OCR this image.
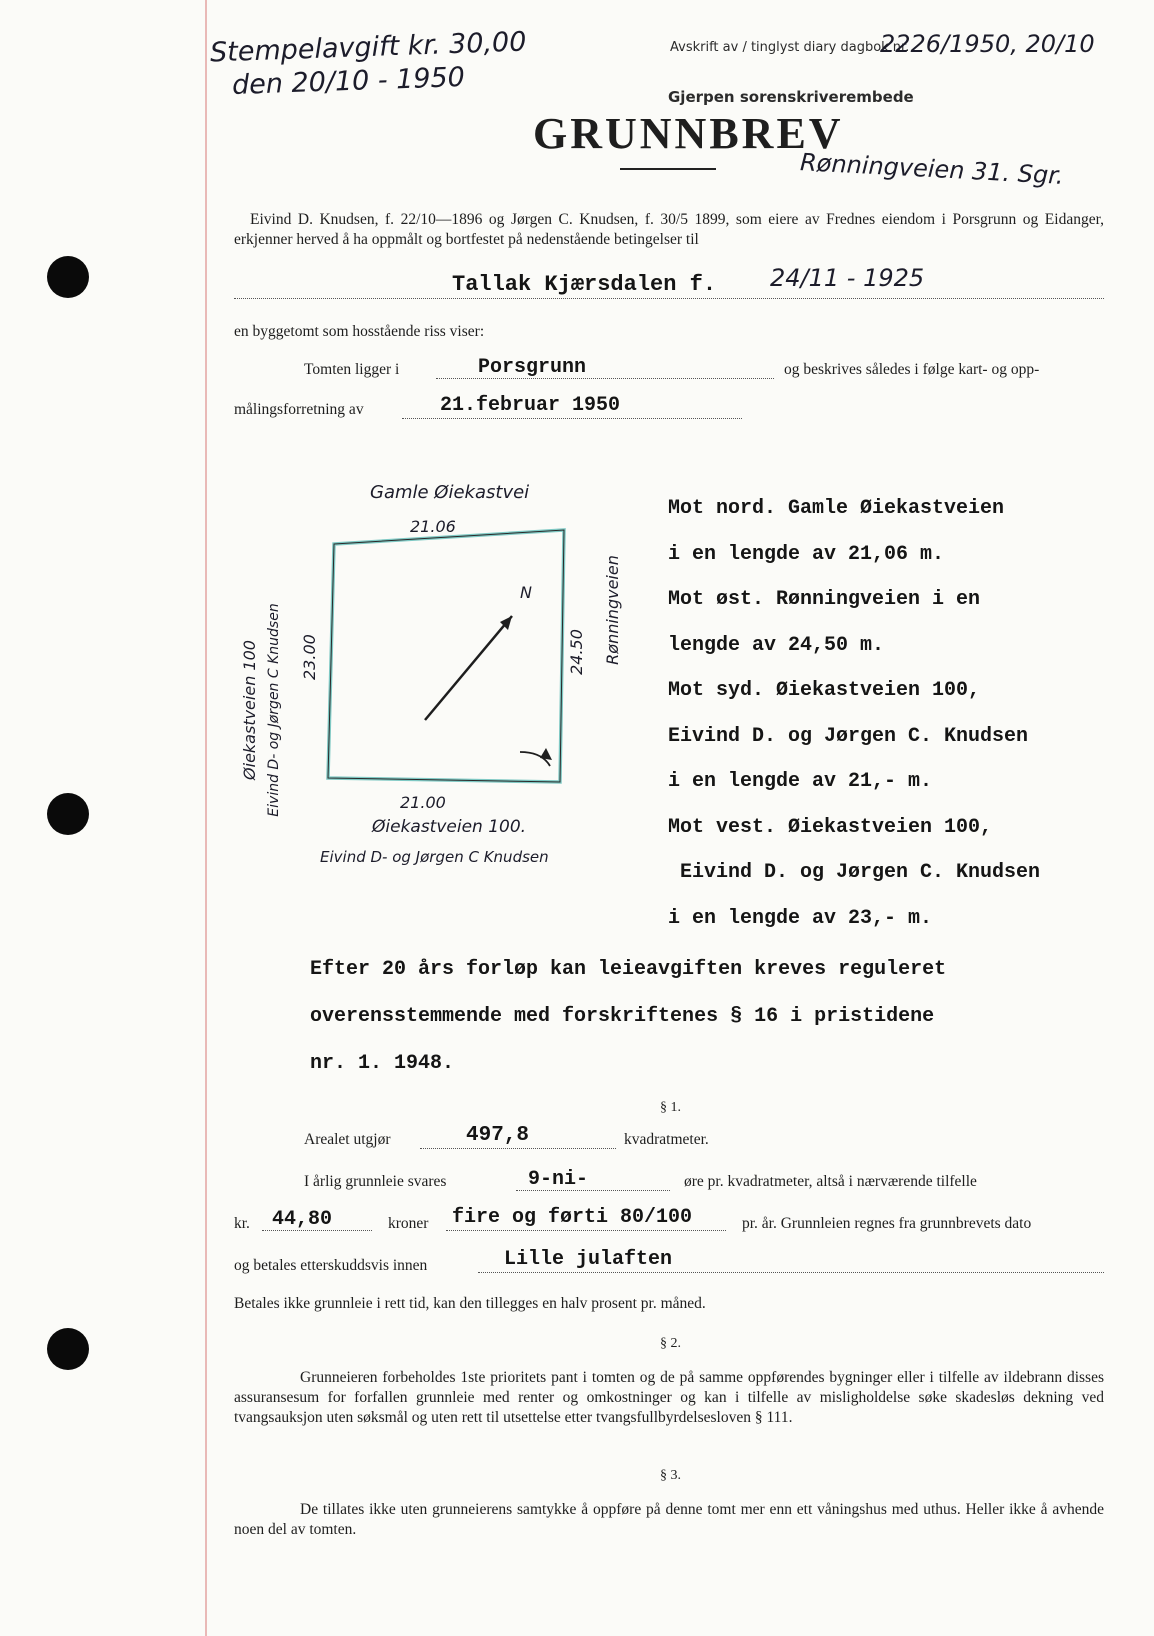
Stempelavgift kr. 30,00
den 20/10 - 1950
Avskrift av / tinglyst diary dagbok nr.
2226/1950, 20/10
Gjerpen sorenskriverembede
GRUNNBREV
Rønningveien 31. Sgr.
Eivind D. Knudsen, f. 22/10—1896 og Jørgen C. Knudsen, f. 30/5 1899, som eiere av Frednes eiendom i Porsgrunn og Eidanger, erkjenner herved å ha oppmålt og bortfestet på nedenstående betingelser til
Tallak Kjærsdalen f. 24/11 - 1925
en byggetomt som hosstående riss viser:
Tomten ligger i	Porsgrunn	og beskrives således i følge kart- og opp-
målingsforretning av	21.februar 1950
N
Gamle Øiekastvei
21.06
21.00
Øiekastveien 100.
Eivind D- og Jørgen C Knudsen
23.00
Øiekastveien 100 Eivind D- og Jørgen C Knudsen	24.50 Rønningveien
Mot nord. Gamle Øiekastveien
i en lengde av 21,06 m.
Mot øst. Rønningveien i en
lengde av 24,50 m.
Mot syd. Øiekastveien 100,
Eivind D. og Jørgen C. Knudsen
i en lengde av 21,- m.
Mot vest. Øiekastveien 100,
Eivind D. og Jørgen C. Knudsen
i en lengde av 23,- m.
Efter 20 års forløp kan leieavgiften kreves reguleret
overensstemmende med forskriftenes § 16 i pristidene
nr. 1. 1948.
§ 1.
Arealet utgjør	497,8	kvadratmeter.
I årlig grunnleie svares	9-ni-	øre pr. kvadratmeter, altså i nærværende tilfelle
kr. 44,80	kroner fire og førti 80/100	pr. år. Grunnleien regnes fra grunnbrevets dato
og betales etterskuddsvis innen	Lille julaften
Betales ikke grunnleie i rett tid, kan den tillegges en halv prosent pr. måned.
§ 2.
Grunneieren forbeholdes 1ste prioritets pant i tomten og de på samme oppførendes bygninger eller i tilfelle av ildebrann disses assuransesum for forfallen grunnleie med renter og omkostninger og kan i tilfelle av misligholdelse søke skadesløs dekning ved tvangsauksjon uten søksmål og uten rett til utsettelse etter tvangsfullbyrdelsesloven § 111.
§ 3.
De tillates ikke uten grunneierens samtykke å oppføre på denne tomt mer enn ett våningshus med uthus. Heller ikke å avhende noen del av tomten.
